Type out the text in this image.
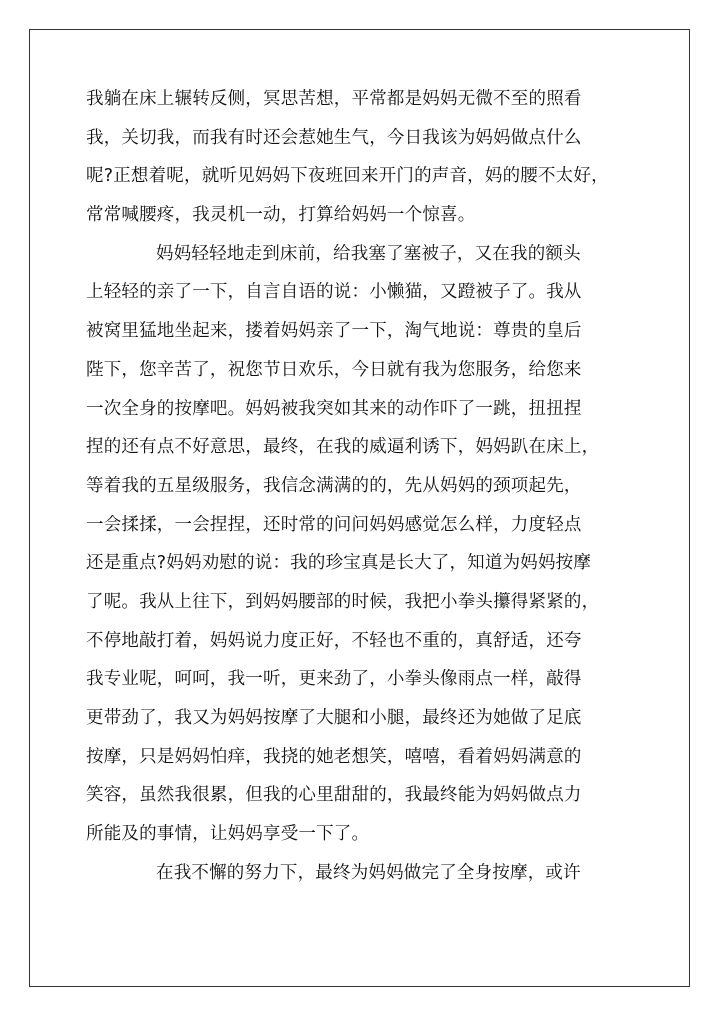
我躺在床上辗转反侧，冥思苦想，平常都是妈妈无微不至的照看
我，关切我，而我有时还会惹她生气，今日我该为妈妈做点什么
呢?正想着呢，就听见妈妈下夜班回来开门的声音，妈的腰不太好，
常常喊腰疼，我灵机一动，打算给妈妈一个惊喜。
妈妈轻轻地走到床前，给我塞了塞被子，又在我的额头
上轻轻的亲了一下，自言自语的说：小懒猫，又蹬被子了。我从
被窝里猛地坐起来，搂着妈妈亲了一下，淘气地说：尊贵的皇后
陛下，您辛苦了，祝您节日欢乐，今日就有我为您服务，给您来
一次全身的按摩吧。妈妈被我突如其来的动作吓了一跳，扭扭捏
捏的还有点不好意思，最终，在我的威逼利诱下，妈妈趴在床上，
等着我的五星级服务，我信念满满的的，先从妈妈的颈项起先，
一会揉揉，一会捏捏，还时常的问问妈妈感觉怎么样，力度轻点
还是重点?妈妈劝慰的说：我的珍宝真是长大了，知道为妈妈按摩
了呢。我从上往下，到妈妈腰部的时候，我把小拳头攥得紧紧的，
不停地敲打着，妈妈说力度正好，不轻也不重的，真舒适，还夸
我专业呢，呵呵，我一听，更来劲了，小拳头像雨点一样，敲得
更带劲了，我又为妈妈按摩了大腿和小腿，最终还为她做了足底
按摩，只是妈妈怕痒，我挠的她老想笑，嘻嘻，看着妈妈满意的
笑容，虽然我很累，但我的心里甜甜的，我最终能为妈妈做点力
所能及的事情，让妈妈享受一下了。
在我不懈的努力下，最终为妈妈做完了全身按摩，或许
